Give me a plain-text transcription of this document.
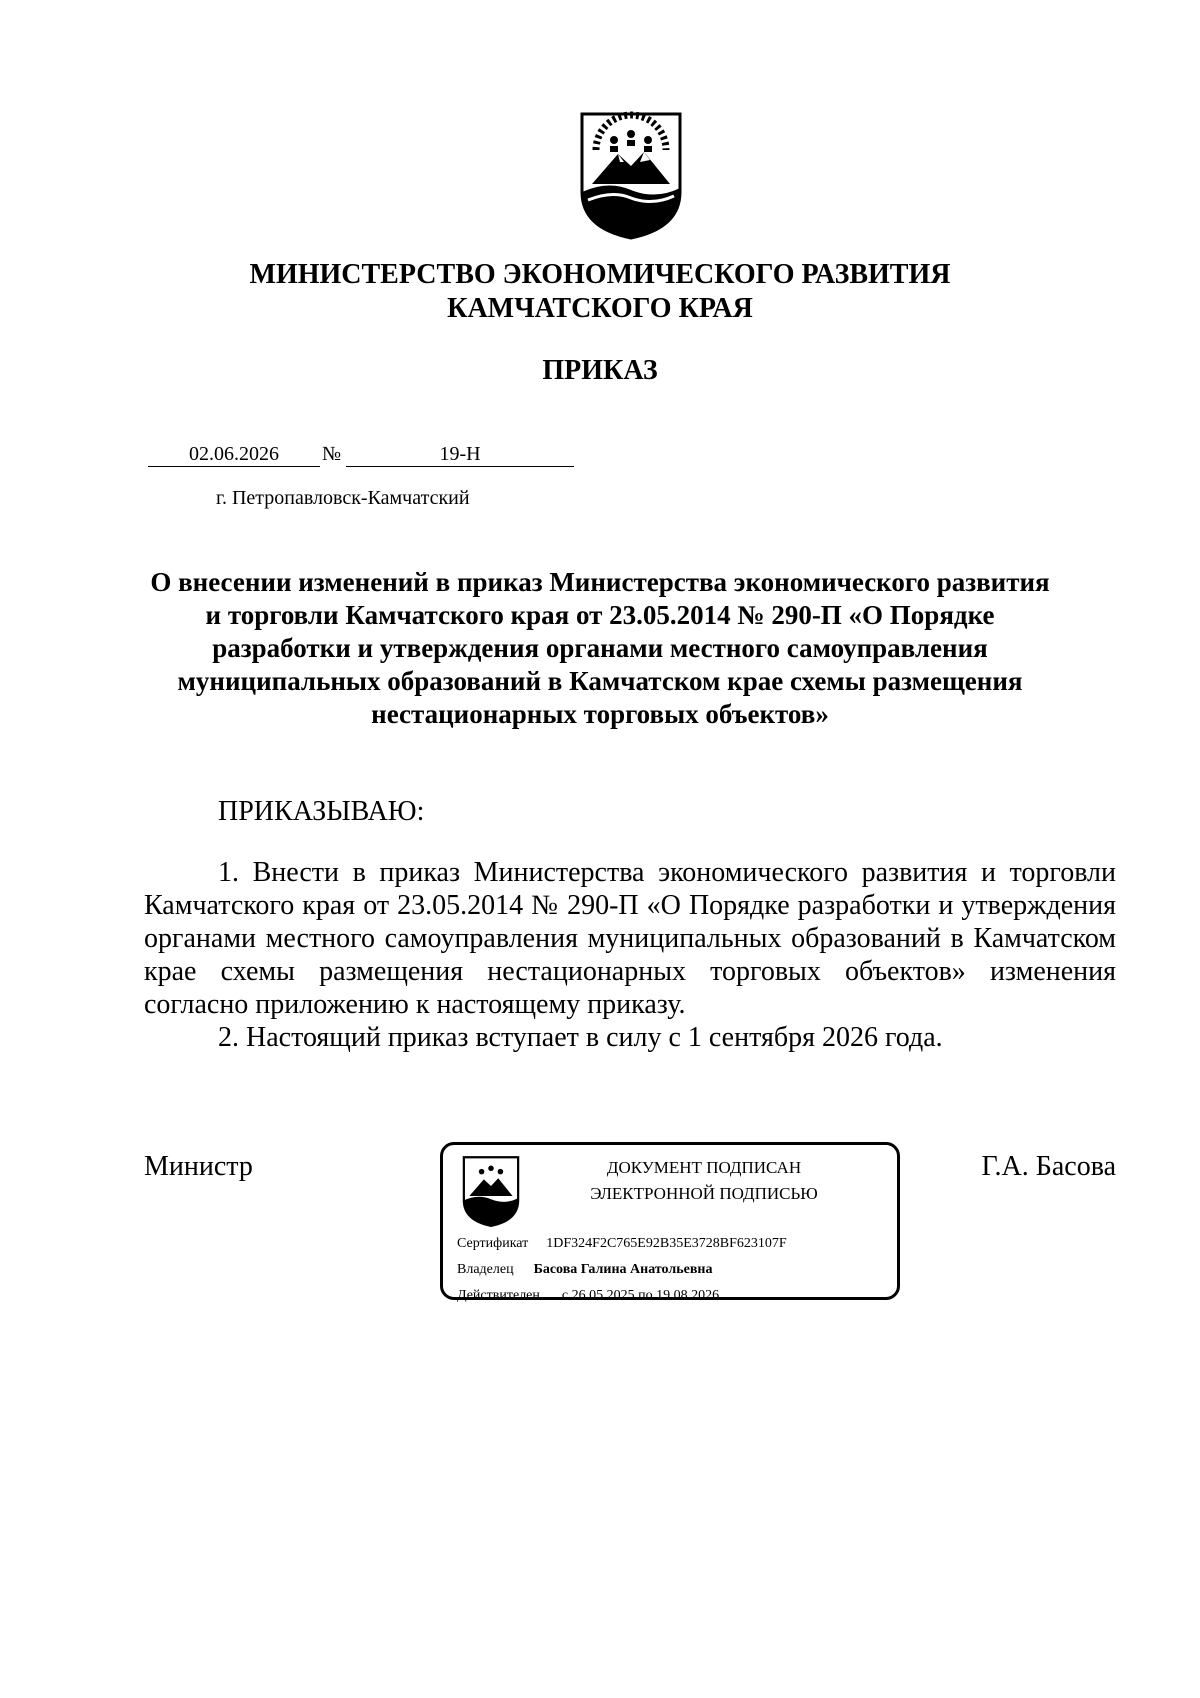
МИНИСТЕРСТВО ЭКОНОМИЧЕСКОГО РАЗВИТИЯ
КАМЧАТСКОГО КРАЯ
ПРИКАЗ
02.06.2026	№	19-Н
г. Петропавловск-Камчатский
О внесении изменений в приказ Министерства экономического развития и торговли Камчатского края от 23.05.2014 № 290-П «О Порядке разработки и утверждения органами местного самоуправления муниципальных образований в Камчатском крае схемы размещения нестационарных торговых объектов»
ПРИКАЗЫВАЮ:

1. Внести в приказ Министерства экономического развития и торговли Камчатского края от 23.05.2014 № 290-П «О Порядке разработки и утверждения органами местного самоуправления муниципальных образований в Камчатском крае схемы размещения нестационарных торговых объектов» изменения согласно приложению к настоящему приказу.

2. Настоящий приказ вступает в силу с 1 сентября 2026 года.

Министр	Г.А. Басова
ДОКУМЕНТ ПОДПИСАН
ЭЛЕКТРОННОЙ ПОДПИСЬЮ
Сертификат 1DF324F2C765E92B35E3728BF623107F
Владелец Басова Галина Анатольевна
Действителен с 26.05.2025 по 19.08.2026
